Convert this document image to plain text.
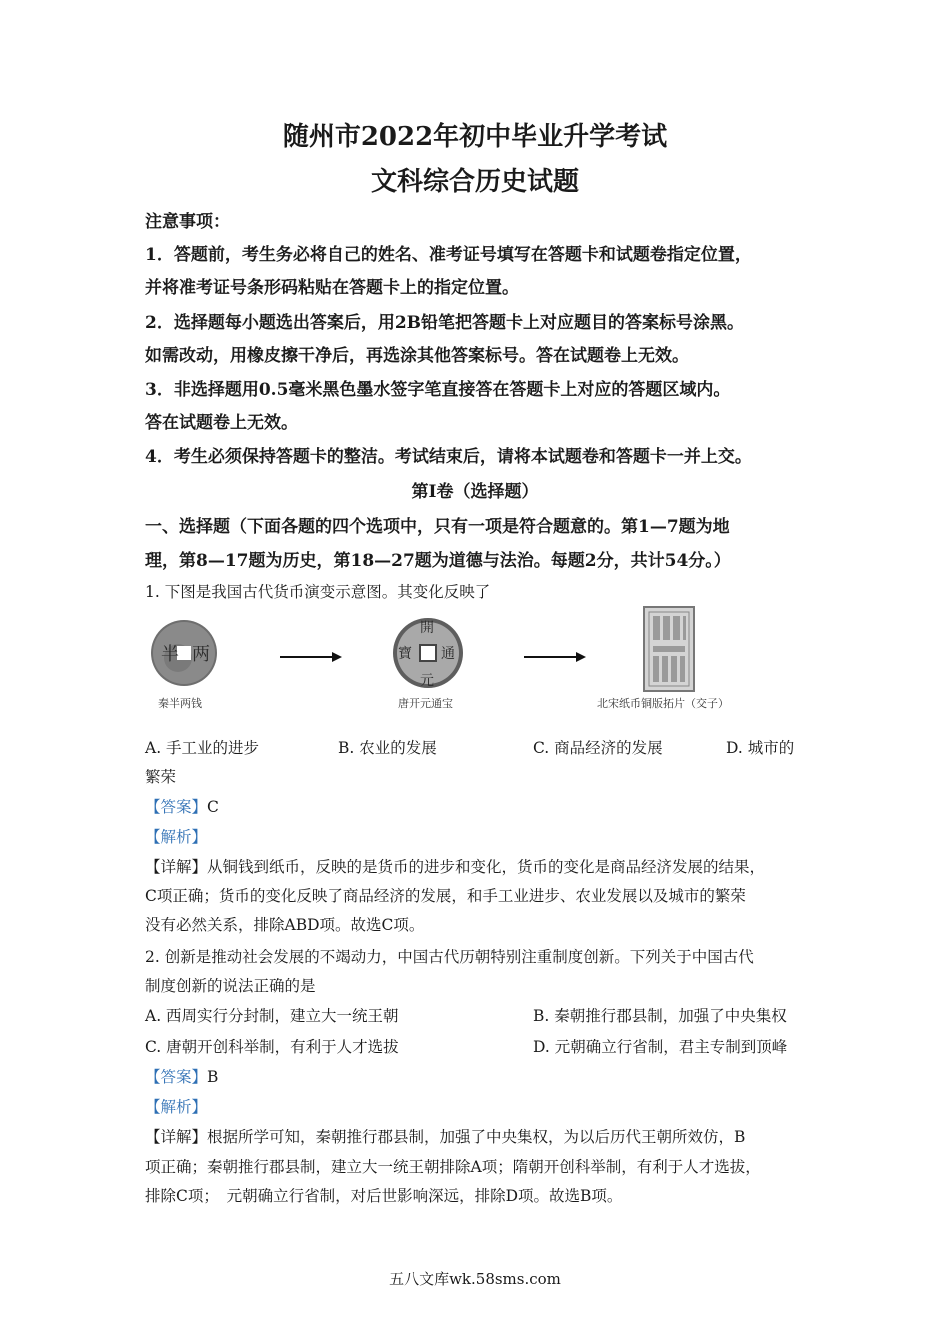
随州市2022年初中毕业升学考试
文科综合历史试题
注意事项：
1．答题前，考生务必将自己的姓名、准考证号填写在答题卡和试题卷指定位置，
并将准考证号条形码粘贴在答题卡上的指定位置。
2．选择题每小题选出答案后，用2B铅笔把答题卡上对应题目的答案标号涂黑。
如需改动，用橡皮擦干净后，再选涂其他答案标号。答在试题卷上无效。
3．非选择题用0.5毫米黑色墨水签字笔直接答在答题卡上对应的答题区域内。
答在试题卷上无效。
4．考生必须保持答题卡的整洁。考试结束后，请将本试题卷和答题卡一并上交。
第I卷（选择题）
一、选择题（下面各题的四个选项中，只有一项是符合题意的。第1—7题为地
理，第8—17题为历史，第18—27题为道德与法治。每题2分，共计54分。）
1. 下图是我国古代货币演变示意图。其变化反映了
半 两
秦半两钱
開
元
通
寶
唐开元通宝	北宋纸币铜版拓片（交子）
A. 手工业的进步	B. 农业的发展	C. 商品经济的发展	D. 城市的
繁荣
【答案】C
【解析】
【详解】从铜钱到纸币，反映的是货币的进步和变化，货币的变化是商品经济发展的结果，
C项正确；货币的变化反映了商品经济的发展，和手工业进步、农业发展以及城市的繁荣
没有必然关系，排除ABD项。故选C项。
2. 创新是推动社会发展的不竭动力，中国古代历朝特别注重制度创新。下列关于中国古代
制度创新的说法正确的是
A. 西周实行分封制，建立大一统王朝	B. 秦朝推行郡县制，加强了中央集权
C. 唐朝开创科举制，有利于人才选拔	D. 元朝确立行省制，君主专制到顶峰
【答案】B
【解析】
【详解】根据所学可知，秦朝推行郡县制，加强了中央集权，为以后历代王朝所效仿，B
项正确；秦朝推行郡县制，建立大一统王朝排除A项；隋朝开创科举制，有利于人才选拔，
排除C项；　元朝确立行省制，对后世影响深远，排除D项。故选B项。
五八文库wk.58sms.com
